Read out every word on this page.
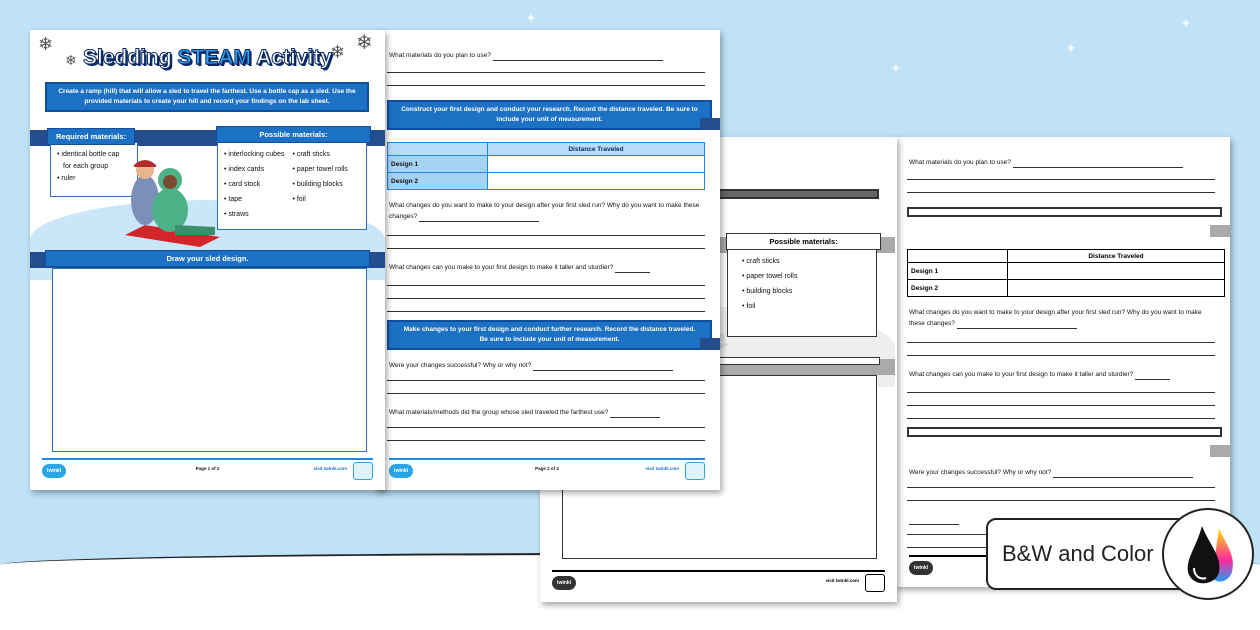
✦
✦
✦
✦
What materials do you plan to use?
	Distance Traveled
Design 1	
Design 2	
What changes do you want to make to your design after your first sled run? Why do you want to make these changes?
What changes can you make to your first design to make it taller and sturdier?
Were your changes successful? Why or why not?
twinkl
• craft sticks
• paper towel rolls
• building blocks
• foil
Possible materials:
twinkl	visit twinkl.com
What materials do you plan to use?
Construct your first design and conduct your research. Record the distance traveled. Be sure to include your unit of measurement.
	Distance Traveled
Design 1	
Design 2	
What changes do you want to make to your design after your first sled run? Why do you want to make these changes?
What changes can you make to your first design to make it taller and sturdier?
Make changes to your first design and conduct further research. Record the distance traveled. Be sure to include your unit of measurement.
Were your changes successful? Why or why not?
What materials/methods did the group whose sled traveled the farthest use?
twinkl	Page 2 of 2	visit twinkl.com
❄
❄	❄ ❄
Sledding STEAM Activity
Create a ramp (hill) that will allow a sled to travel the farthest. Use a bottle cap as a sled. Use the provided materials to create your hill and record your findings on the lab sheet.
• identical bottle cap
for each group
• ruler
Required materials:
• interlocking cubes
• index cards
• card stock
• tape
• straws
• craft sticks
• paper towel rolls
• building blocks
• foil
Possible materials:
Draw your sled design.
twinkl	Page 1 of 2	visit twinkl.com
B&W and Color
